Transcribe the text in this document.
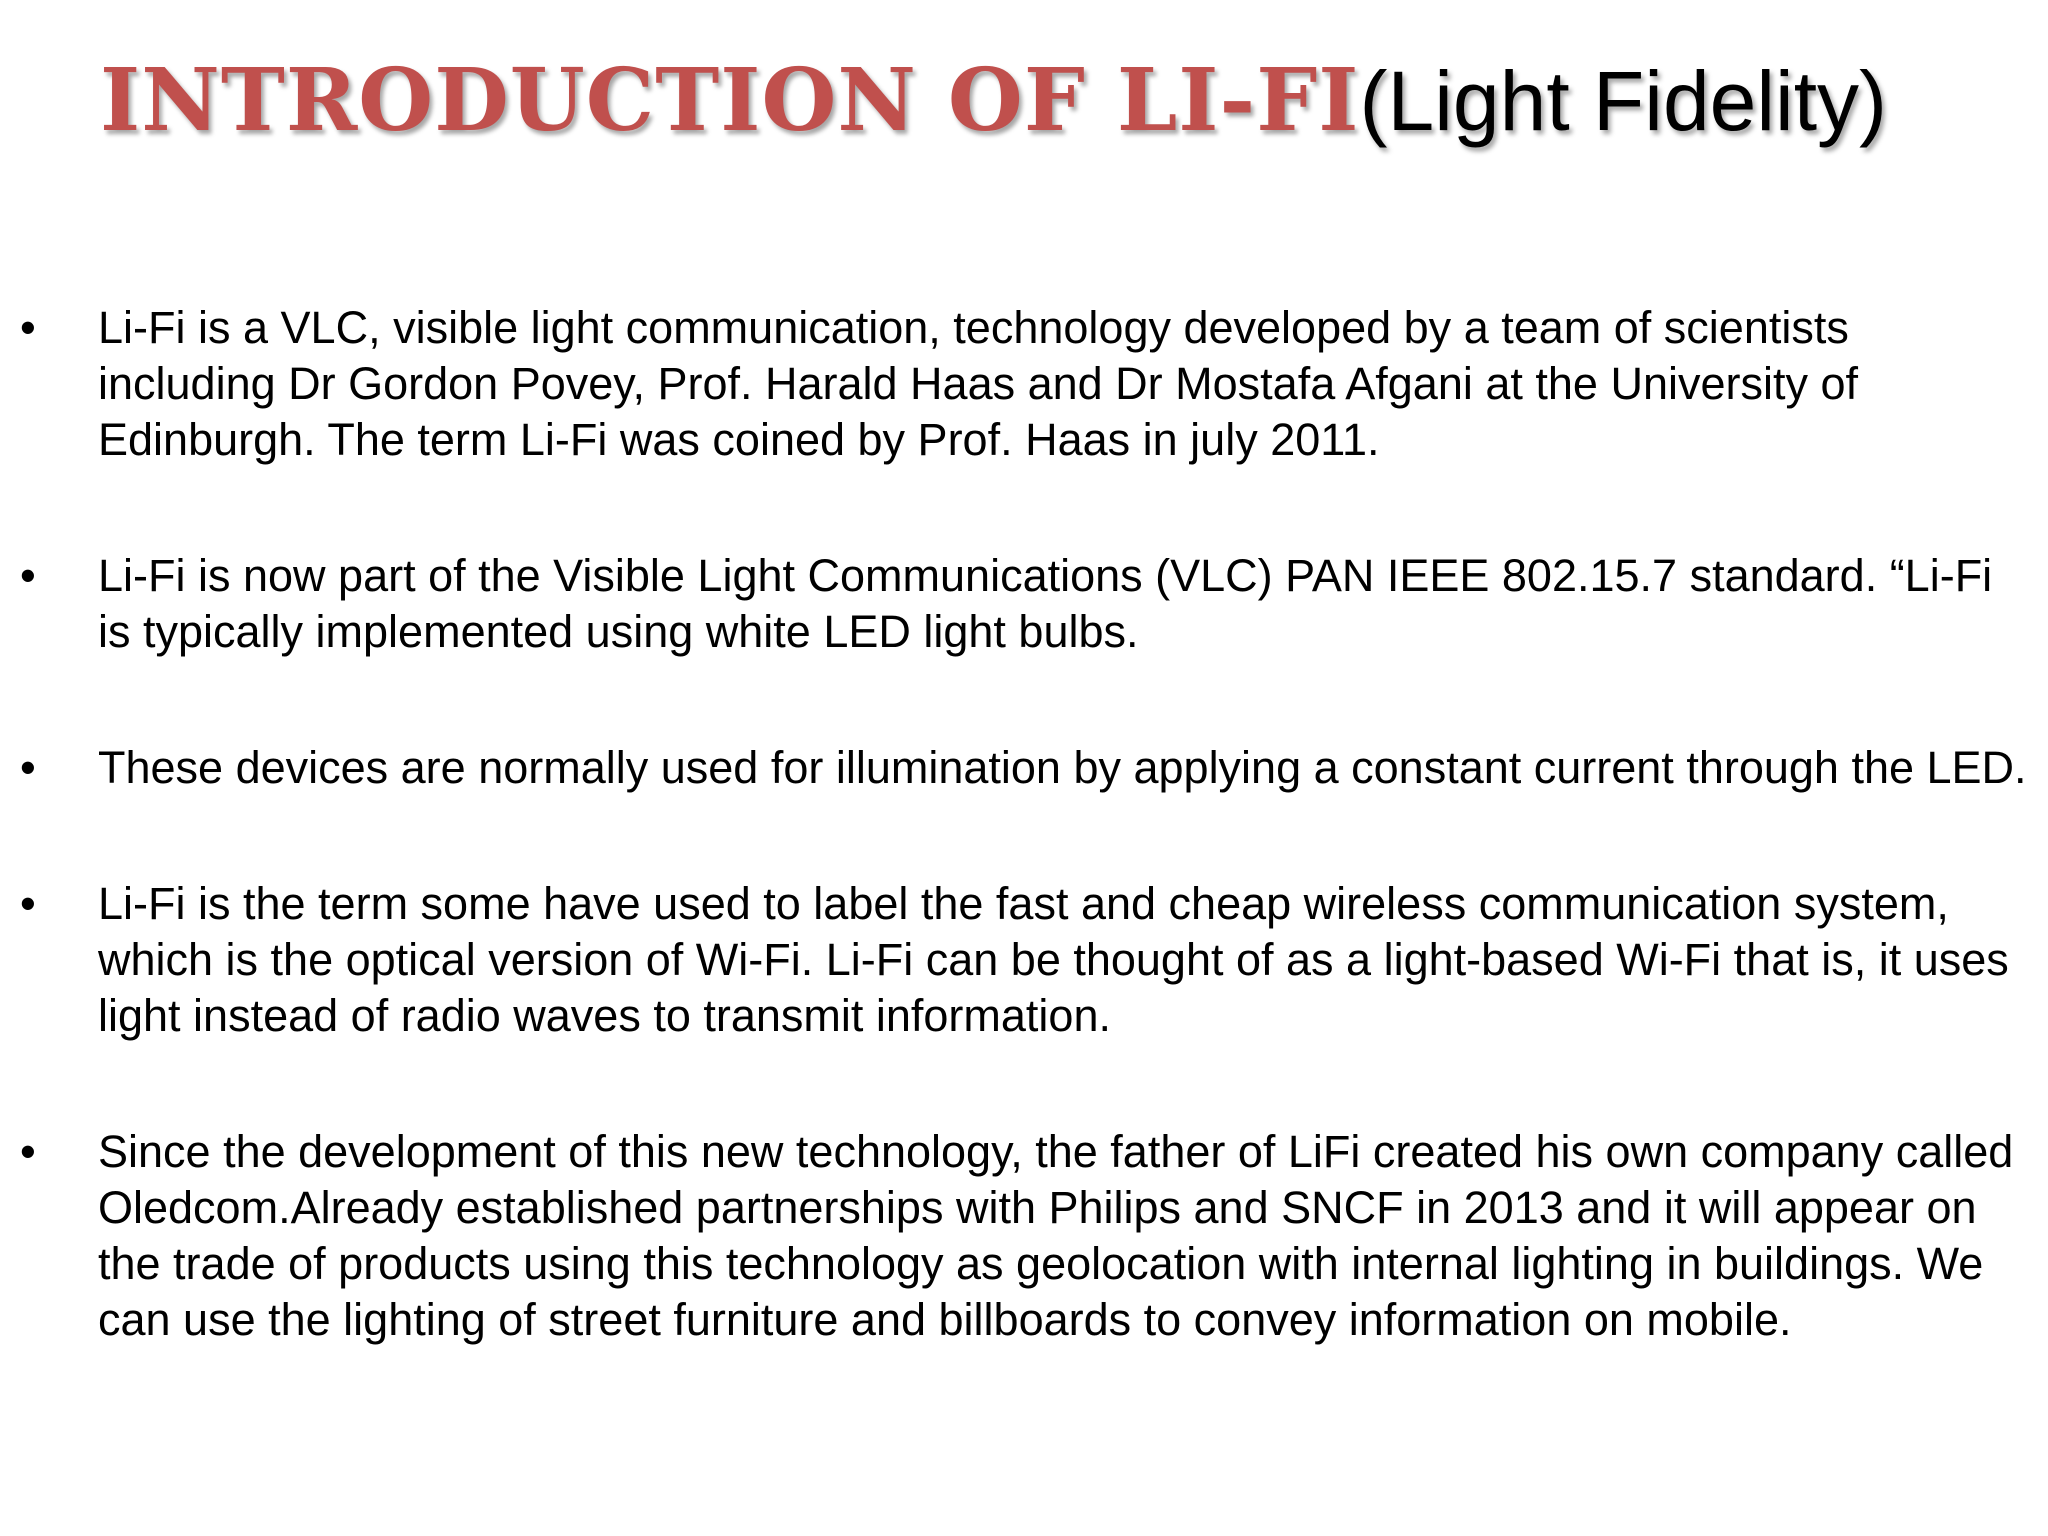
INTRODUCTION OF LI-FI(Light Fidelity)
•	Li-Fi is a VLC, visible light communication, technology developed by a team of scientists including Dr Gordon Povey, Prof. Harald Haas and Dr Mostafa Afgani at the University of Edinburgh. The term Li-Fi was coined by Prof. Haas in july 2011.
•	Li-Fi is now part of the Visible Light Communications (VLC) PAN IEEE 802.15.7 standard. “Li-Fi is typically implemented using white LED light bulbs.
•	These devices are normally used for illumination by applying a constant current through the LED.
•	Li-Fi is the term some have used to label the fast and cheap wireless communication system, which is the optical version of Wi-Fi. Li-Fi can be thought of as a light-based Wi-Fi that is, it uses light instead of radio waves to transmit information.
•	Since the development of this new technology, the father of LiFi created his own company called Oledcom.Already established partnerships with Philips and SNCF in 2013 and it will appear on the trade of products using this technology as geolocation with internal lighting in buildings. We can use the lighting of street furniture and billboards to convey information on mobile.
